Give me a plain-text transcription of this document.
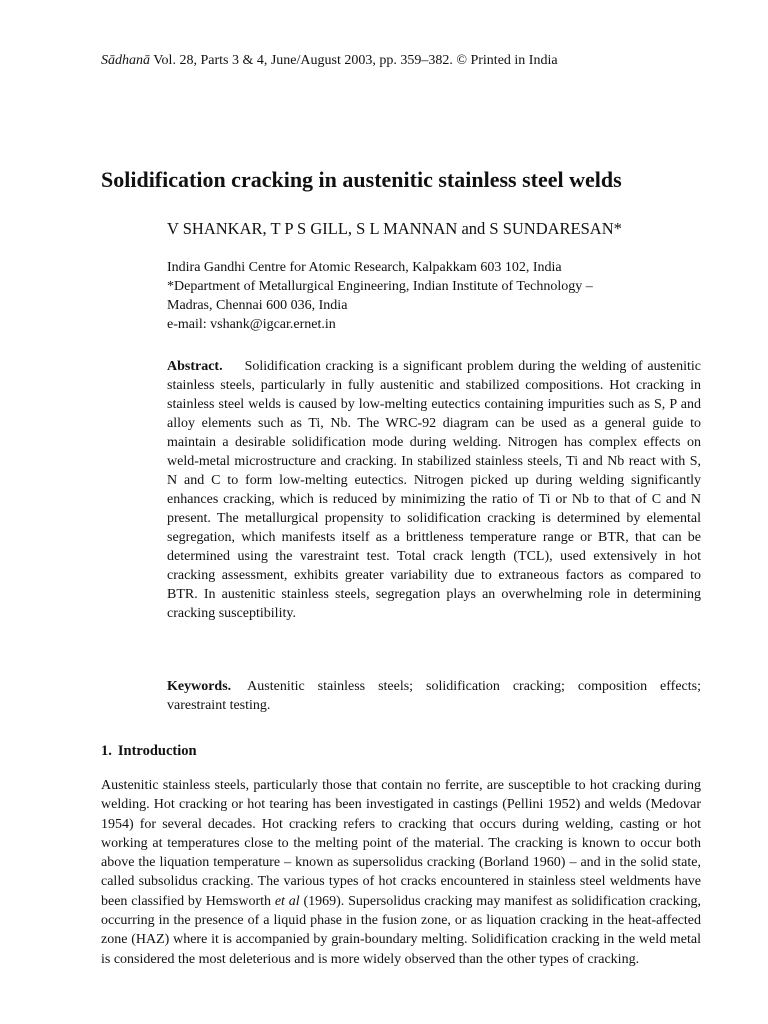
Sādhanā Vol. 28, Parts 3 & 4, June/August 2003, pp. 359–382. © Printed in India
Solidification cracking in austenitic stainless steel welds
V SHANKAR, T P S GILL, S L MANNAN and S SUNDARESAN*
Indira Gandhi Centre for Atomic Research, Kalpakkam 603 102, India
*Department of Metallurgical Engineering, Indian Institute of Technology –
Madras, Chennai 600 036, India
e-mail: vshank@igcar.ernet.in
Abstract. Solidification cracking is a significant problem during the welding of austenitic stainless steels, particularly in fully austenitic and stabilized compositions. Hot cracking in stainless steel welds is caused by low-melting eutectics containing impurities such as S, P and alloy elements such as Ti, Nb. The WRC-92 diagram can be used as a general guide to maintain a desirable solidification mode during welding. Nitrogen has complex effects on weld-metal microstructure and cracking. In stabilized stainless steels, Ti and Nb react with S, N and C to form low-melting eutectics. Nitrogen picked up during welding significantly enhances cracking, which is reduced by minimizing the ratio of Ti or Nb to that of C and N present. The metallurgical propensity to solidification cracking is determined by elemental segregation, which manifests itself as a brittleness temperature range or BTR, that can be determined using the varestraint test. Total crack length (TCL), used extensively in hot cracking assessment, exhibits greater variability due to extraneous factors as compared to BTR. In austenitic stainless steels, segregation plays an overwhelming role in determining cracking susceptibility.
Keywords. Austenitic stainless steels; solidification cracking; composition effects; varestraint testing.
1. Introduction
Austenitic stainless steels, particularly those that contain no ferrite, are susceptible to hot cracking during welding. Hot cracking or hot tearing has been investigated in castings (Pellini 1952) and welds (Medovar 1954) for several decades. Hot cracking refers to cracking that occurs during welding, casting or hot working at temperatures close to the melting point of the material. The cracking is known to occur both above the liquation temperature – known as supersolidus cracking (Borland 1960) – and in the solid state, called subsolidus cracking. The various types of hot cracks encountered in stainless steel weldments have been classified by Hemsworth et al (1969). Supersolidus cracking may manifest as solidification cracking, occurring in the presence of a liquid phase in the fusion zone, or as liquation cracking in the heat-affected zone (HAZ) where it is accompanied by grain-boundary melting. Solidification cracking in the weld metal is considered the most deleterious and is more widely observed than the other types of cracking.
